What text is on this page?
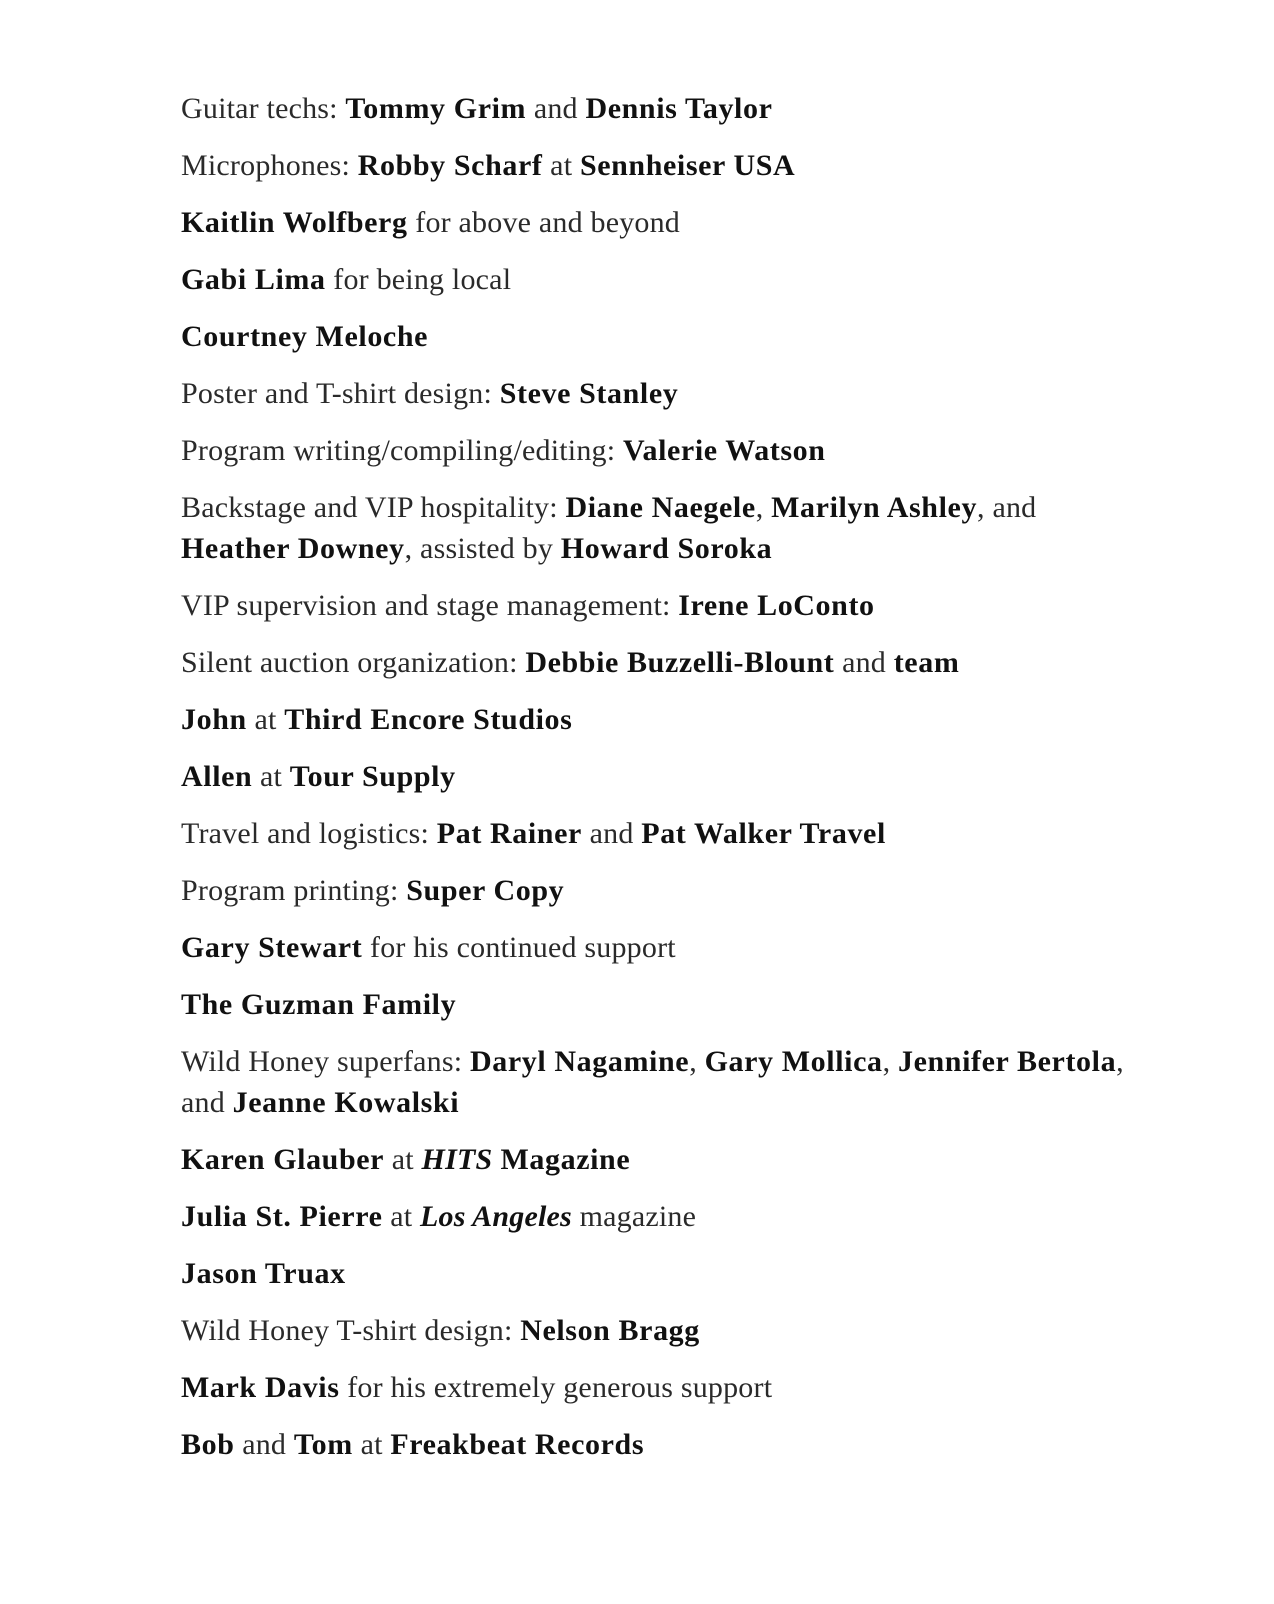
Guitar techs: Tommy Grim and Dennis Taylor
Microphones: Robby Scharf at Sennheiser USA
Kaitlin Wolfberg for above and beyond
Gabi Lima for being local
Courtney Meloche
Poster and T-shirt design: Steve Stanley
Program writing/compiling/editing: Valerie Watson
Backstage and VIP hospitality: Diane Naegele, Marilyn Ashley, and Heather Downey, assisted by Howard Soroka
VIP supervision and stage management: Irene LoConto
Silent auction organization: Debbie Buzzelli-Blount and team
John at Third Encore Studios
Allen at Tour Supply
Travel and logistics: Pat Rainer and Pat Walker Travel
Program printing: Super Copy
Gary Stewart for his continued support
The Guzman Family
Wild Honey superfans: Daryl Nagamine, Gary Mollica, Jennifer Bertola, and Jeanne Kowalski
Karen Glauber at HITS Magazine
Julia St. Pierre at Los Angeles magazine
Jason Truax
Wild Honey T-shirt design: Nelson Bragg
Mark Davis for his extremely generous support
Bob and Tom at Freakbeat Records
